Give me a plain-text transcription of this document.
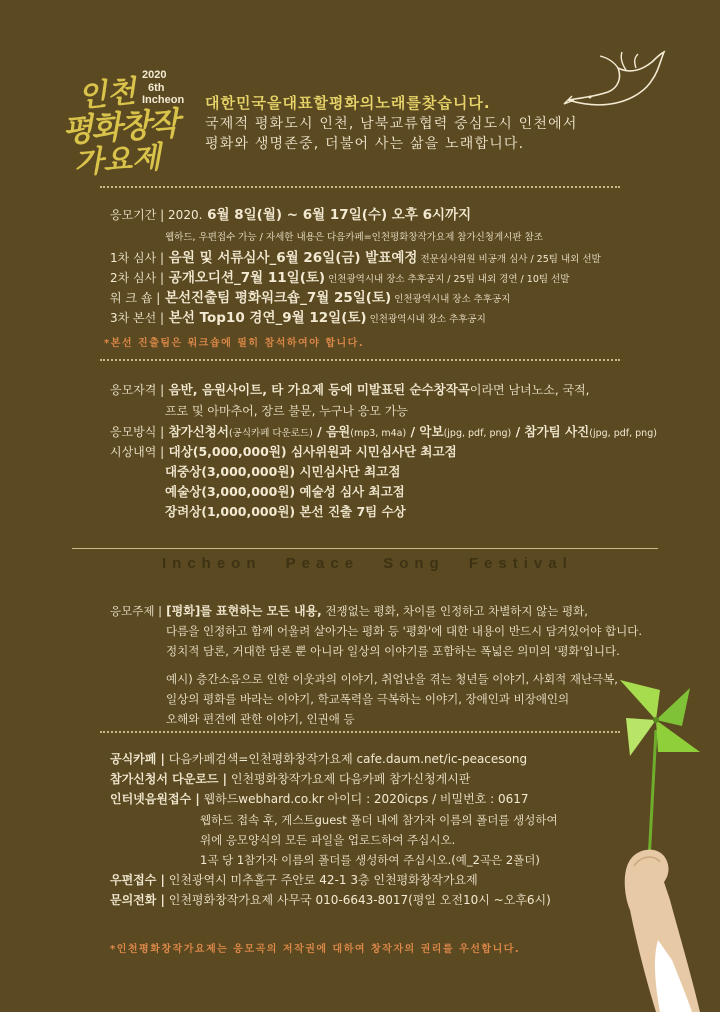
인천 2020
6th
Incheon
평화창작
가요제
대한민국을대표할평화의노래를찾습니다.
국제적 평화도시 인천, 남북교류협력 중심도시 인천에서
평화와 생명존중, 더불어 사는 삶을 노래합니다.
응모기간 | 2020. 6월 8일(월) ~ 6월 17일(수) 오후 6시까지
웹하드, 우편접수 가능 / 자세한 내용은 다음카페=인천평화창작가요제 참가신청게시판 참조
1차 심사 | 음원 및 서류심사_6월 26일(금) 발표예정 전문심사위원 비공개 심사 / 25팀 내외 선발
2차 심사 | 공개오디션_7월 11일(토) 인천광역시내 장소 추후공지 / 25팀 내외 경연 / 10팀 선발
워 크 숍 | 본선진출팀 평화워크숍_7월 25일(토) 인천광역시내 장소 추후공지
3차 본선 | 본선 Top10 경연_9월 12일(토) 인천광역시내 장소 추후공지
*본선 진출팀은 워크숍에 필히 참석하여야 합니다.
응모자격 | 음반, 음원사이트, 타 가요제 등에 미발표된 순수창작곡이라면 남녀노소, 국적,
프로 및 아마추어, 장르 불문, 누구나 응모 가능
응모방식 | 참가신청서(공식카페 다운로드) / 음원(mp3, m4a) / 악보(jpg, pdf, png) / 참가팀 사진(jpg, pdf, png)
시상내역 | 대상(5,000,000원) 심사위원과 시민심사단 최고점
대중상(3,000,000원) 시민심사단 최고점
예술상(3,000,000원) 예술성 심사 최고점
장려상(1,000,000원) 본선 진출 7팀 수상
Incheon Peace Song Festival
응모주제 | [평화]를 표현하는 모든 내용, 전쟁없는 평화, 차이를 인정하고 차별하지 않는 평화,
다름을 인정하고 함께 어울려 살아가는 평화 등 '평화'에 대한 내용이 반드시 담겨있어야 합니다.
정치적 담론, 거대한 담론 뿐 아니라 일상의 이야기를 포함하는 폭넓은 의미의 '평화'입니다.
예시) 층간소음으로 인한 이웃과의 이야기, 취업난을 겪는 청년들 이야기, 사회적 재난극복,
일상의 평화를 바라는 이야기, 학교폭력을 극복하는 이야기, 장애인과 비장애인의
오해와 편견에 관한 이야기, 인권애 등
공식카페 | 다음카페검색=인천평화창작가요제 cafe.daum.net/ic-peacesong
참가신청서 다운로드 | 인천평화창작가요제 다음카페 참가신청게시판
인터넷음원접수 | 웹하드webhard.co.kr 아이디 : 2020icps / 비밀번호 : 0617
웹하드 접속 후, 게스트guest 폴더 내에 참가자 이름의 폴더를 생성하여
위에 응모양식의 모든 파일을 업로드하여 주십시오.
1곡 당 1참가자 이름의 폴더를 생성하여 주십시오.(예_2곡은 2폴더)
우편접수 | 인천광역시 미추홀구 주안로 42-1 3층 인천평화창작가요제
문의전화 | 인천평화창작가요제 사무국 010-6643-8017(평일 오전10시 ~오후6시)
*인천평화창작가요제는 응모곡의 저작권에 대하여 창작자의 권리를 우선합니다.
